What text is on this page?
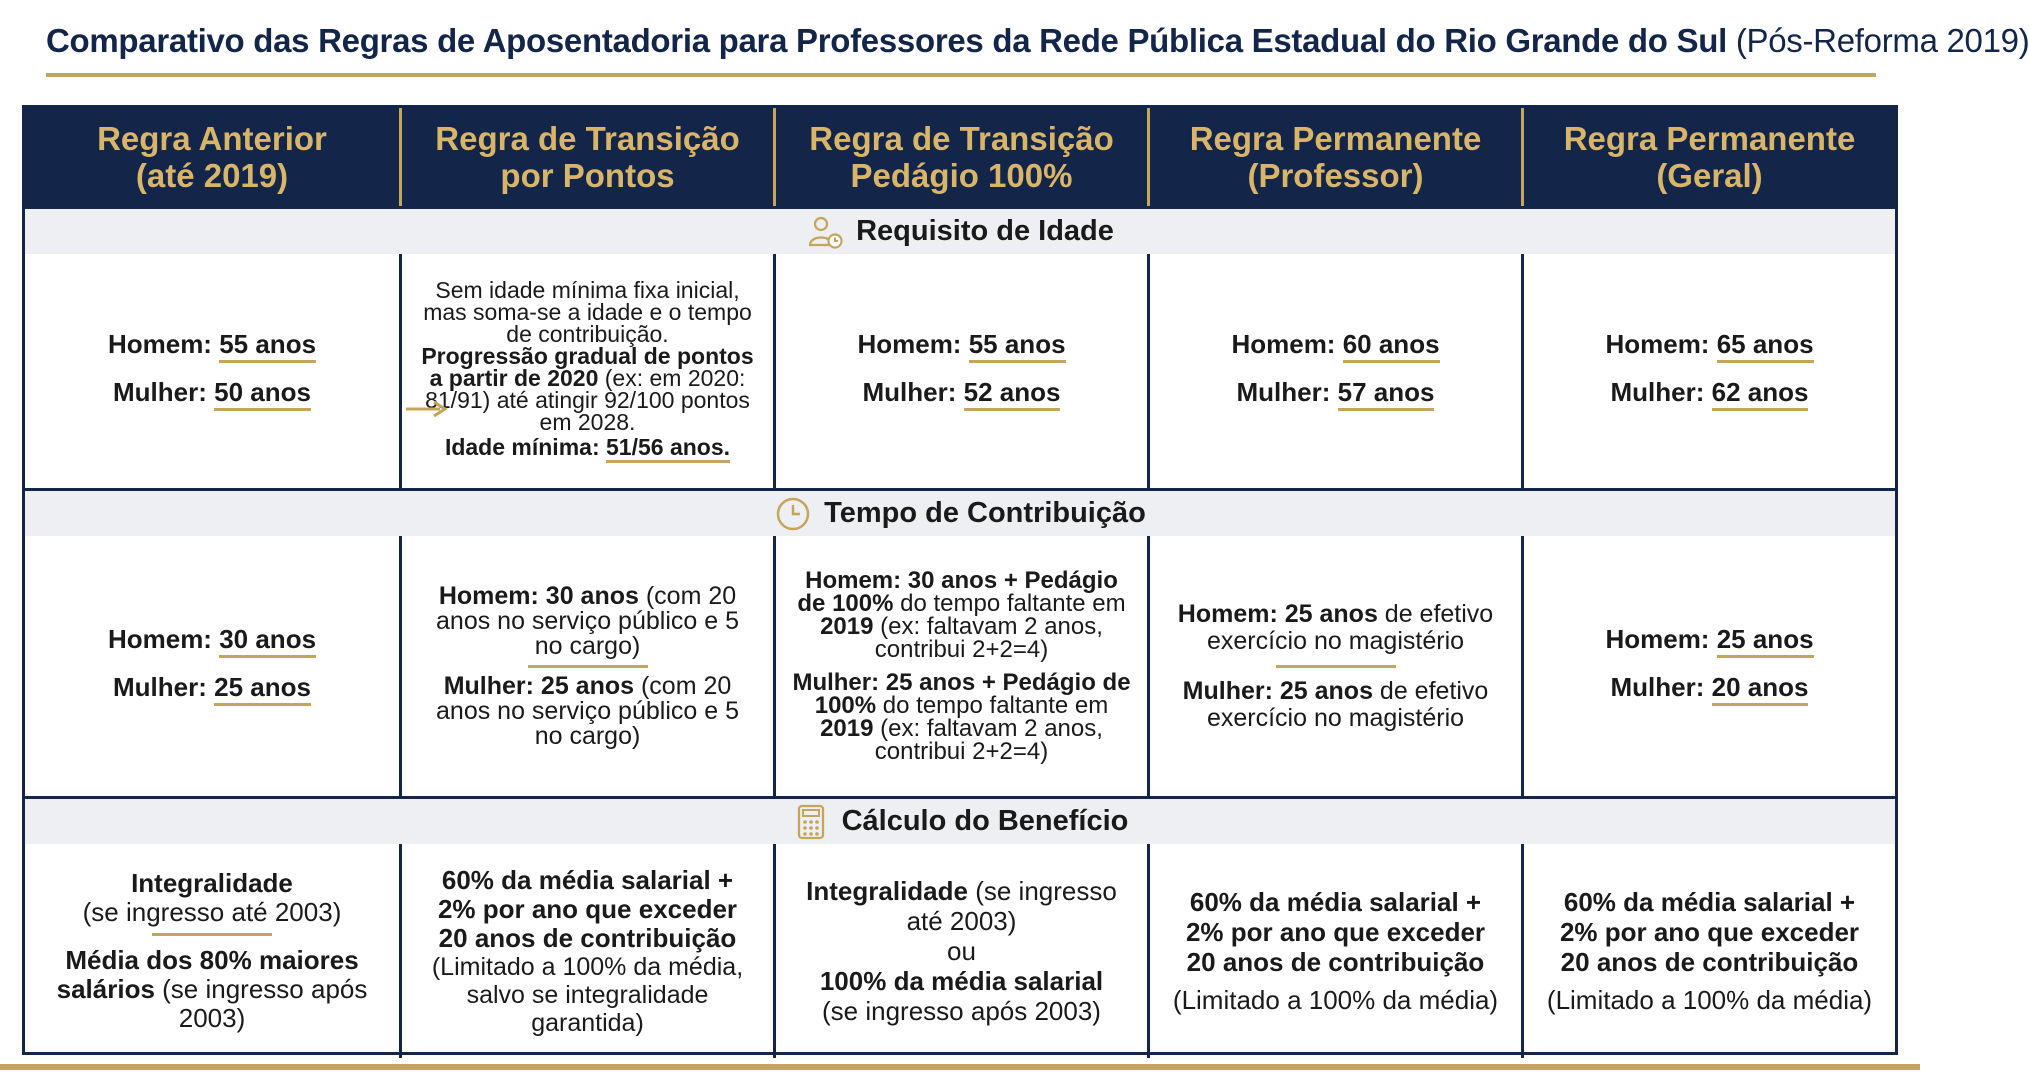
Comparativo das Regras de Aposentadoria para Professores da Rede Pública Estadual do Rio Grande do Sul (Pós-Reforma 2019)
Regra Anterior
(até 2019)
Regra de Transição
por Pontos
Regra de Transição
Pedágio 100%
Regra Permanente
(Professor)
Regra Permanente
(Geral)
Requisito de Idade
Homem: 55 anos
Mulher: 50 anos
Sem idade mínima fixa inicial, mas soma-se a idade e o tempo de contribuição.
Progressão gradual de pontos a partir de 2020 (ex: em 2020: 81/91) até atingir 92/100 pontos em 2028.
Idade mínima: 51/56 anos.
Homem: 55 anos
Mulher: 52 anos
Homem: 60 anos
Mulher: 57 anos
Homem: 65 anos
Mulher: 62 anos
Tempo de Contribuição
Homem: 30 anos
Mulher: 25 anos
Homem: 30 anos (com 20 anos no serviço público e 5 no cargo)
Mulher: 25 anos (com 20 anos no serviço público e 5 no cargo)
Homem: 30 anos + Pedágio de 100% do tempo faltante em 2019 (ex: faltavam 2 anos, contribui 2+2=4)
Mulher: 25 anos + Pedágio de 100% do tempo faltante em 2019 (ex: faltavam 2 anos, contribui 2+2=4)
Homem: 25 anos de efetivo exercício no magistério
Mulher: 25 anos de efetivo exercício no magistério
Homem: 25 anos
Mulher: 20 anos
Cálculo do Benefício
Integralidade
(se ingresso até 2003)
Média dos 80% maiores salários (se ingresso após 2003)
60% da média salarial + 2% por ano que exceder 20 anos de contribuição
(Limitado a 100% da média, salvo se integralidade garantida)
Integralidade (se ingresso até 2003)
ou
100% da média salarial
(se ingresso após 2003)
60% da média salarial + 2% por ano que exceder 20 anos de contribuição
(Limitado a 100% da média)
60% da média salarial + 2% por ano que exceder 20 anos de contribuição
(Limitado a 100% da média)
